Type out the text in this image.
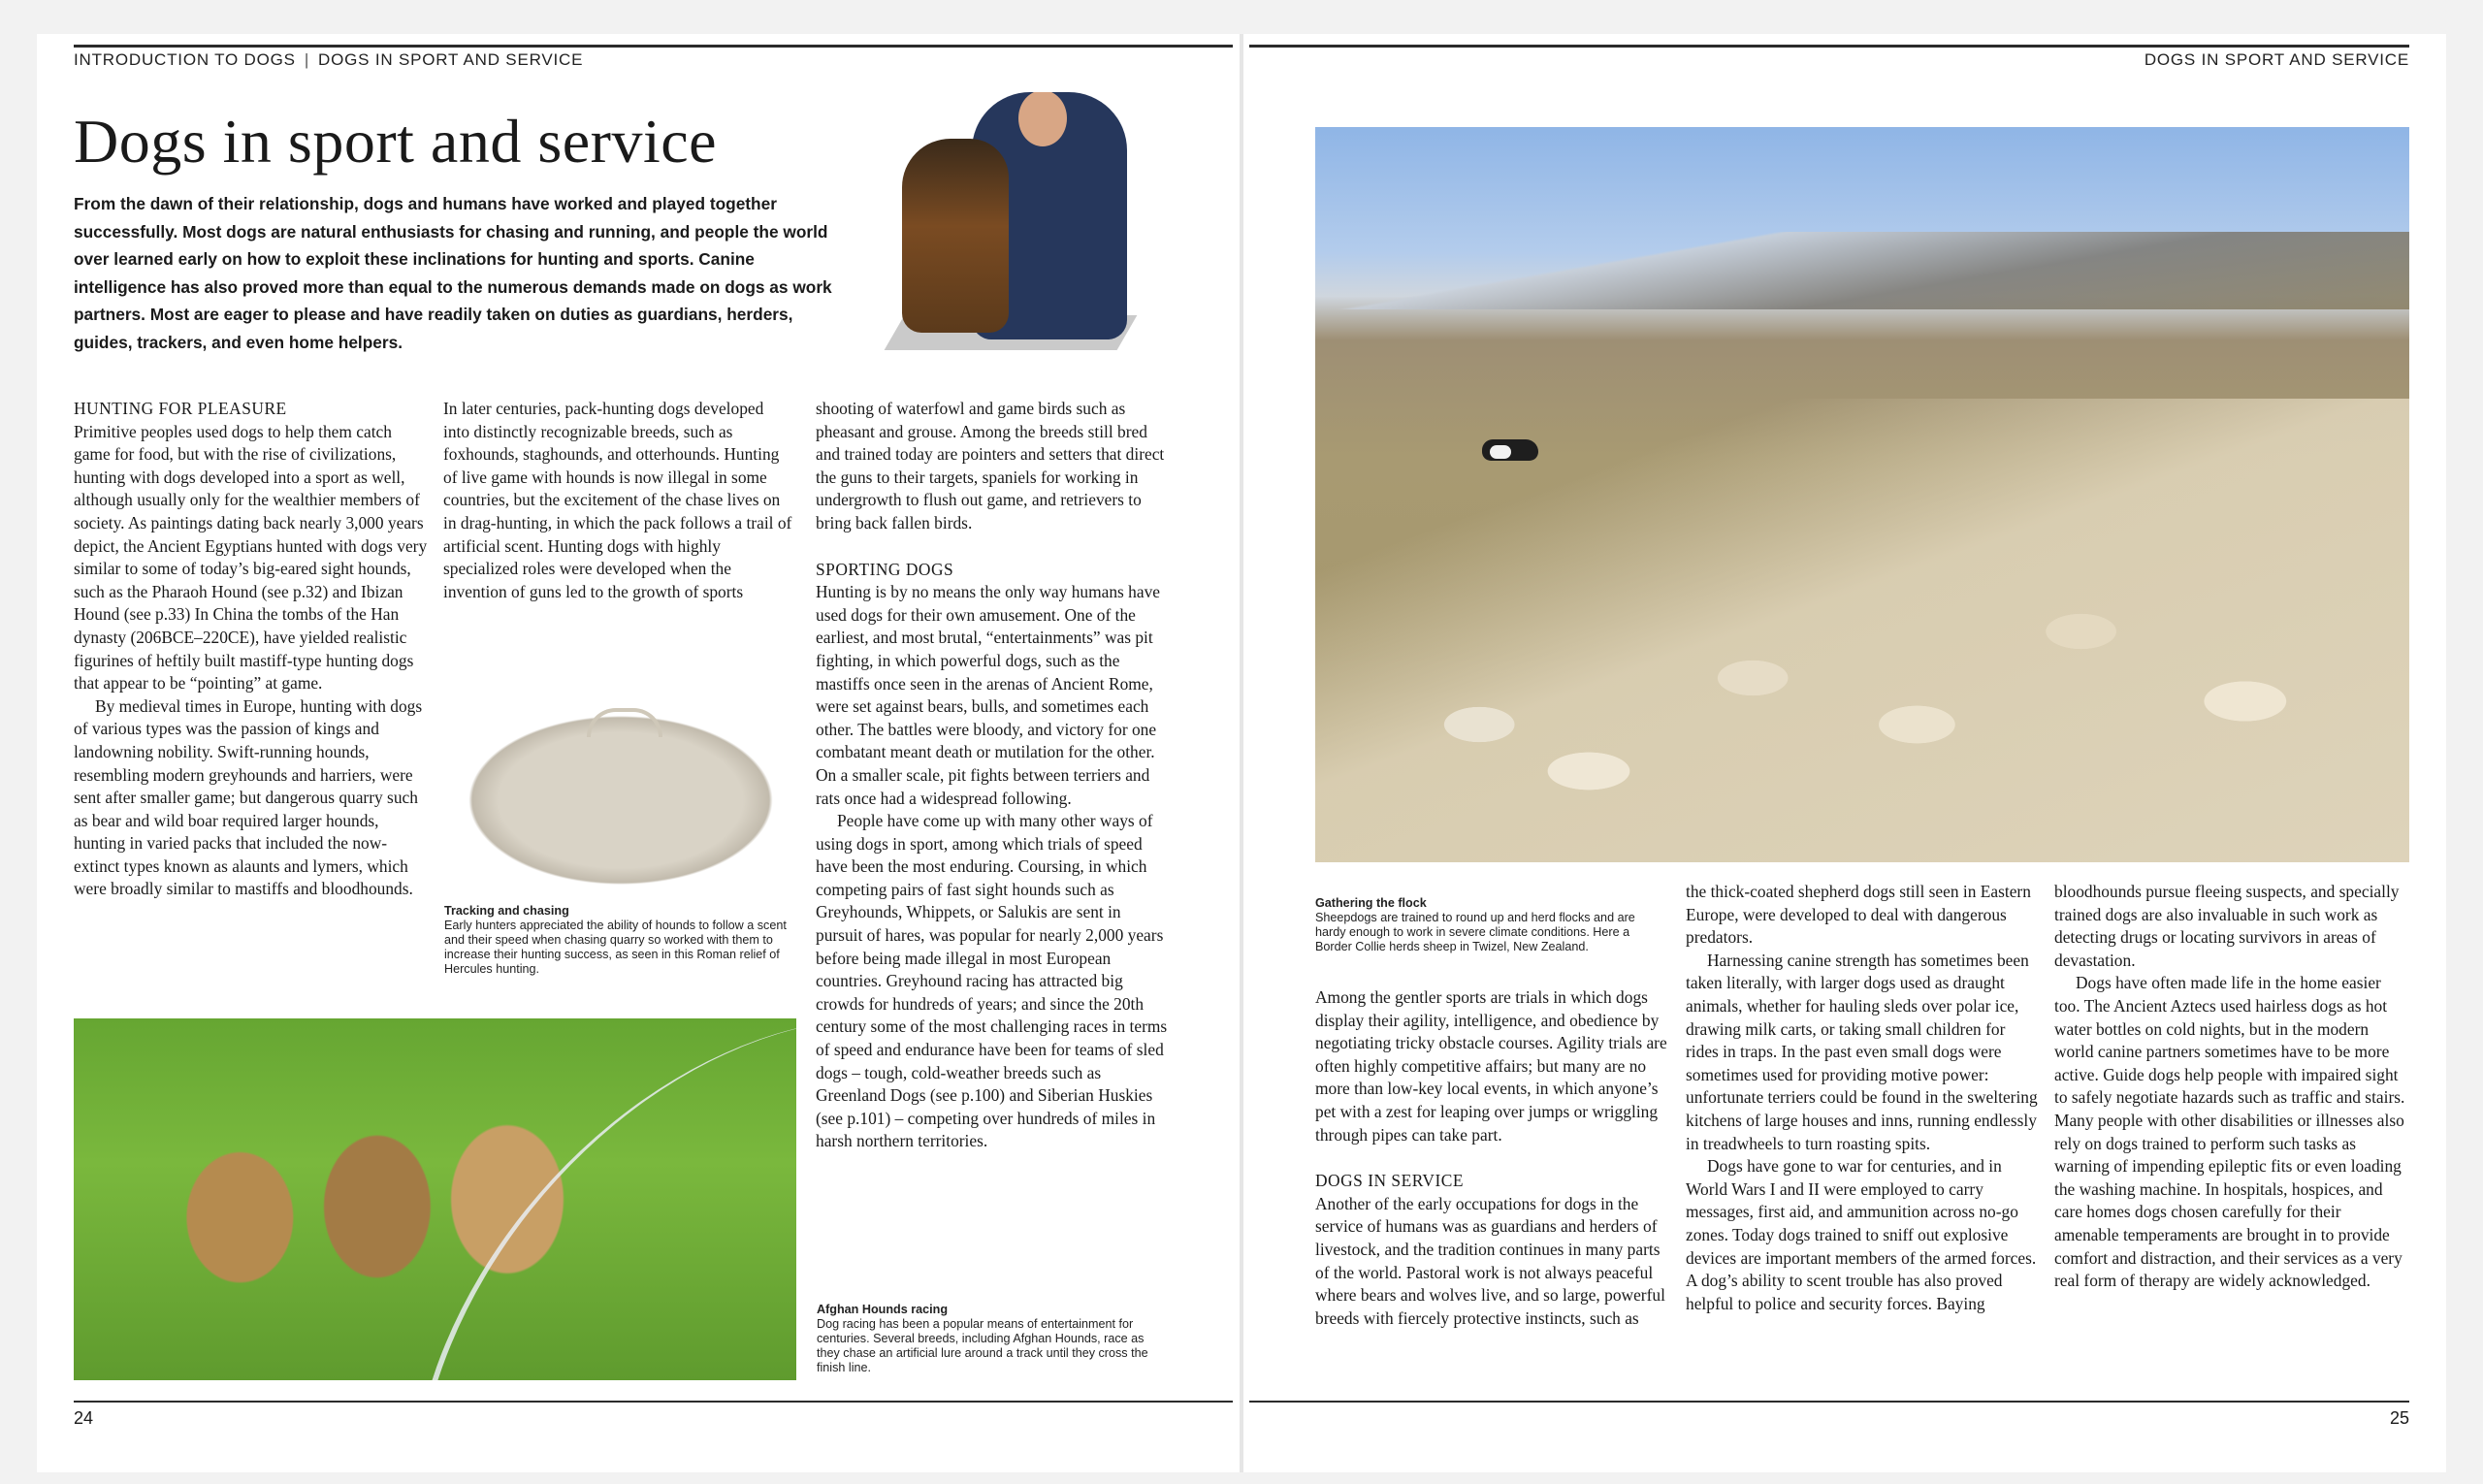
INTRODUCTION TO DOGS | DOGS IN SPORT AND SERVICE	DOGS IN SPORT AND SERVICE
Dogs in sport and service

From the dawn of their relationship, dogs and humans have worked and played together successfully. Most dogs are natural enthusiasts for chasing and running, and people the world over learned early on how to exploit these inclinations for hunting and sports. Canine intelligence has also proved more than equal to the numerous demands made on dogs as work partners. Most are eager to please and have readily taken on duties as guardians, herders, guides, trackers, and even home helpers.

HUNTING FOR PLEASURE

Primitive peoples used dogs to help them catch game for food, but with the rise of civilizations, hunting with dogs developed into a sport as well, although usually only for the wealthier members of society. As paintings dating back nearly 3,000 years depict, the Ancient Egyptians hunted with dogs very similar to some of today’s big-eared sight hounds, such as the Pharaoh Hound (see p.32) and Ibizan Hound (see p.33) In China the tombs of the Han dynasty (206BCE–220CE), have yielded realistic figurines of heftily built mastiff-type hunting dogs that appear to be “pointing” at game.

By medieval times in Europe, hunting with dogs of various types was the passion of kings and landowning nobility. Swift-running hounds, resembling modern greyhounds and harriers, were sent after smaller game; but dangerous quarry such as bear and wild boar required larger hounds, hunting in varied packs that included the now-extinct types known as alaunts and lymers, which were broadly similar to mastiffs and bloodhounds.

In later centuries, pack-hunting dogs developed into distinctly recognizable breeds, such as foxhounds, staghounds, and otterhounds. Hunting of live game with hounds is now illegal in some countries, but the excitement of the chase lives on in drag-hunting, in which the pack follows a trail of artificial scent. Hunting dogs with highly specialized roles were developed when the invention of guns led to the growth of sports

Tracking and chasing
Early hunters appreciated the ability of hounds to follow a scent and their speed when chasing quarry so worked with them to increase their hunting success, as seen in this Roman relief of Hercules hunting.

shooting of waterfowl and game birds such as pheasant and grouse. Among the breeds still bred and trained today are pointers and setters that direct the guns to their targets, spaniels for working in undergrowth to flush out game, and retrievers to bring back fallen birds.

SPORTING DOGS

Hunting is by no means the only way humans have used dogs for their own amusement. One of the earliest, and most brutal, “entertainments” was pit fighting, in which powerful dogs, such as the mastiffs once seen in the arenas of Ancient Rome, were set against bears, bulls, and sometimes each other. The battles were bloody, and victory for one combatant meant death or mutilation for the other. On a smaller scale, pit fights between terriers and rats once had a widespread following.

People have come up with many other ways of using dogs in sport, among which trials of speed have been the most enduring. Coursing, in which competing pairs of fast sight hounds such as Greyhounds, Whippets, or Salukis are sent in pursuit of hares, was popular for nearly 2,000 years before being made illegal in most European countries. Greyhound racing has attracted big crowds for hundreds of years; and since the 20th century some of the most challenging races in terms of speed and endurance have been for teams of sled dogs – tough, cold-weather breeds such as Greenland Dogs (see p.100) and Siberian Huskies (see p.101) – competing over hundreds of miles in harsh northern territories.

Afghan Hounds racing
Dog racing has been a popular means of entertainment for centuries. Several breeds, including Afghan Hounds, race as they chase an artificial lure around a track until they cross the finish line.
Gathering the flock
Sheepdogs are trained to round up and herd flocks and are hardy enough to work in severe climate conditions. Here a Border Collie herds sheep in Twizel, New Zealand.

Among the gentler sports are trials in which dogs display their agility, intelligence, and obedience by negotiating tricky obstacle courses. Agility trials are often highly competitive affairs; but many are no more than low-key local events, in which anyone’s pet with a zest for leaping over jumps or wriggling through pipes can take part.

DOGS IN SERVICE

Another of the early occupations for dogs in the service of humans was as guardians and herders of livestock, and the tradition continues in many parts of the world. Pastoral work is not always peaceful where bears and wolves live, and so large, powerful breeds with fiercely protective instincts, such as

the thick-coated shepherd dogs still seen in Eastern Europe, were developed to deal with dangerous predators.

Harnessing canine strength has sometimes been taken literally, with larger dogs used as draught animals, whether for hauling sleds over polar ice, drawing milk carts, or taking small children for rides in traps. In the past even small dogs were sometimes used for providing motive power: unfortunate terriers could be found in the sweltering kitchens of large houses and inns, running endlessly in treadwheels to turn roasting spits.

Dogs have gone to war for centuries, and in World Wars I and II were employed to carry messages, first aid, and ammunition across no-go zones. Today dogs trained to sniff out explosive devices are important members of the armed forces. A dog’s ability to scent trouble has also proved helpful to police and security forces. Baying

bloodhounds pursue fleeing suspects, and specially trained dogs are also invaluable in such work as detecting drugs or locating survivors in areas of devastation.

Dogs have often made life in the home easier too. The Ancient Aztecs used hairless dogs as hot water bottles on cold nights, but in the modern world canine partners sometimes have to be more active. Guide dogs help people with impaired sight to safely negotiate hazards such as traffic and stairs. Many people with other disabilities or illnesses also rely on dogs trained to perform such tasks as warning of impending epileptic fits or even loading the washing machine. In hospitals, hospices, and care homes dogs chosen carefully for their amenable temperaments are brought in to provide comfort and distraction, and their services as a very real form of therapy are widely acknowledged.

24	25
